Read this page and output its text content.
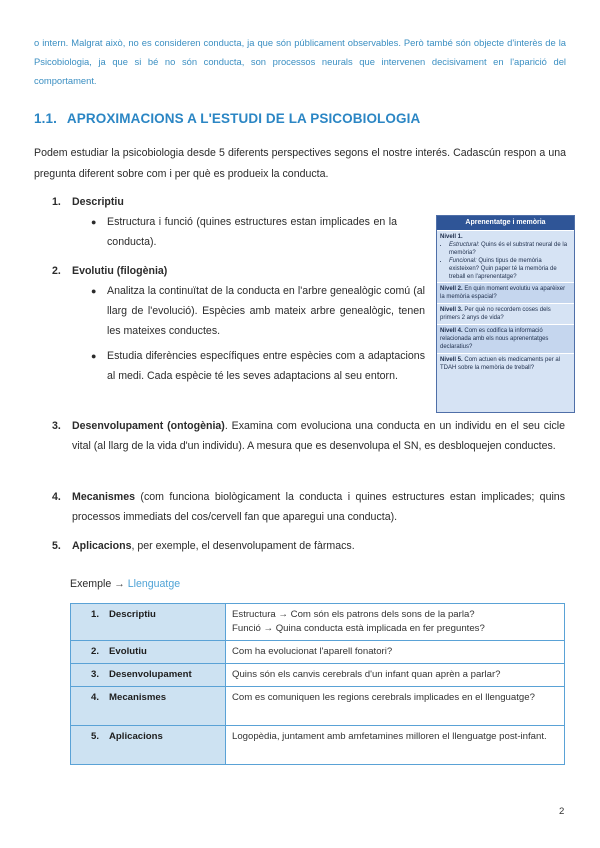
o intern. Malgrat això, no es consideren conducta, ja que són públicament observables. Però també són objecte d'interès de la Psicobiologia, ja que si bé no són conducta, son processos neurals que intervenen decisivament en l'aparició del comportament.
1.1. APROXIMACIONS A L'ESTUDI DE LA PSICOBIOLOGIA
Podem estudiar la psicobiologia desde 5 diferents perspectives segons el nostre interés. Cadascún respon a una pregunta diferent sobre com i per què es produeix la conducta.
1.	Descriptiu
● Estructura i funció (quines estructures estan implicades en la conducta).
2.	Evolutiu (filogènia)
● Analitza la continuïtat de la conducta en l'arbre genealògic comú (al llarg de l'evolució). Espècies amb mateix arbre genealògic, tenen les mateixes conductes.
● Estudia diferències específiques entre espècies com a adaptacions al medi. Cada espècie té les seves adaptacions al seu entorn.
3.	Desenvolupament (ontogènia). Examina com evoluciona una conducta en un individu en el seu cicle vital (al llarg de la vida d'un individu). A mesura que es desenvolupa el SN, es desbloquejen conductes.
4.	Mecanismes (com funciona biològicament la conducta i quines estructures estan implicades; quins processos immediats del cos/cervell fan que aparegui una conducta).
5.	Aplicacions, per exemple, el desenvolupament de fàrmacs.
Aprenentatge i memòria
Nivell 1.
• Estructural: Quins és el substrat neural de la memòria?
• Funcional: Quins tipus de memòria existeixen? Quin paper té la memòria de treball en l'aprenentatge?
Nivell 2. En quin moment evolutiu va aparèixer la memòria espacial?
Nivell 3. Per què no recordem coses dels primers 2 anys de vida?
Nivell 4. Com es codifica la informació relacionada amb els nous aprenentatges declaratius?
Nivell 5. Com actuen els medicaments per al TDAH sobre la memòria de treball?
Exemple → Llenguatge
1. Descriptiu	Estructura → Com són els patrons dels sons de la parla?
Funció → Quina conducta està implicada en fer preguntes?

2. Evolutiu	Com ha evolucionat l'aparell fonatori?

3. Desenvolupament	Quins són els canvis cerebrals d'un infant quan aprèn a parlar?

4. Mecanismes	Com es comuniquen les regions cerebrals implicades en el llenguatge?

5. Aplicacions	Logopèdia, juntament amb amfetamines milloren el llenguatge post-infant.
2
